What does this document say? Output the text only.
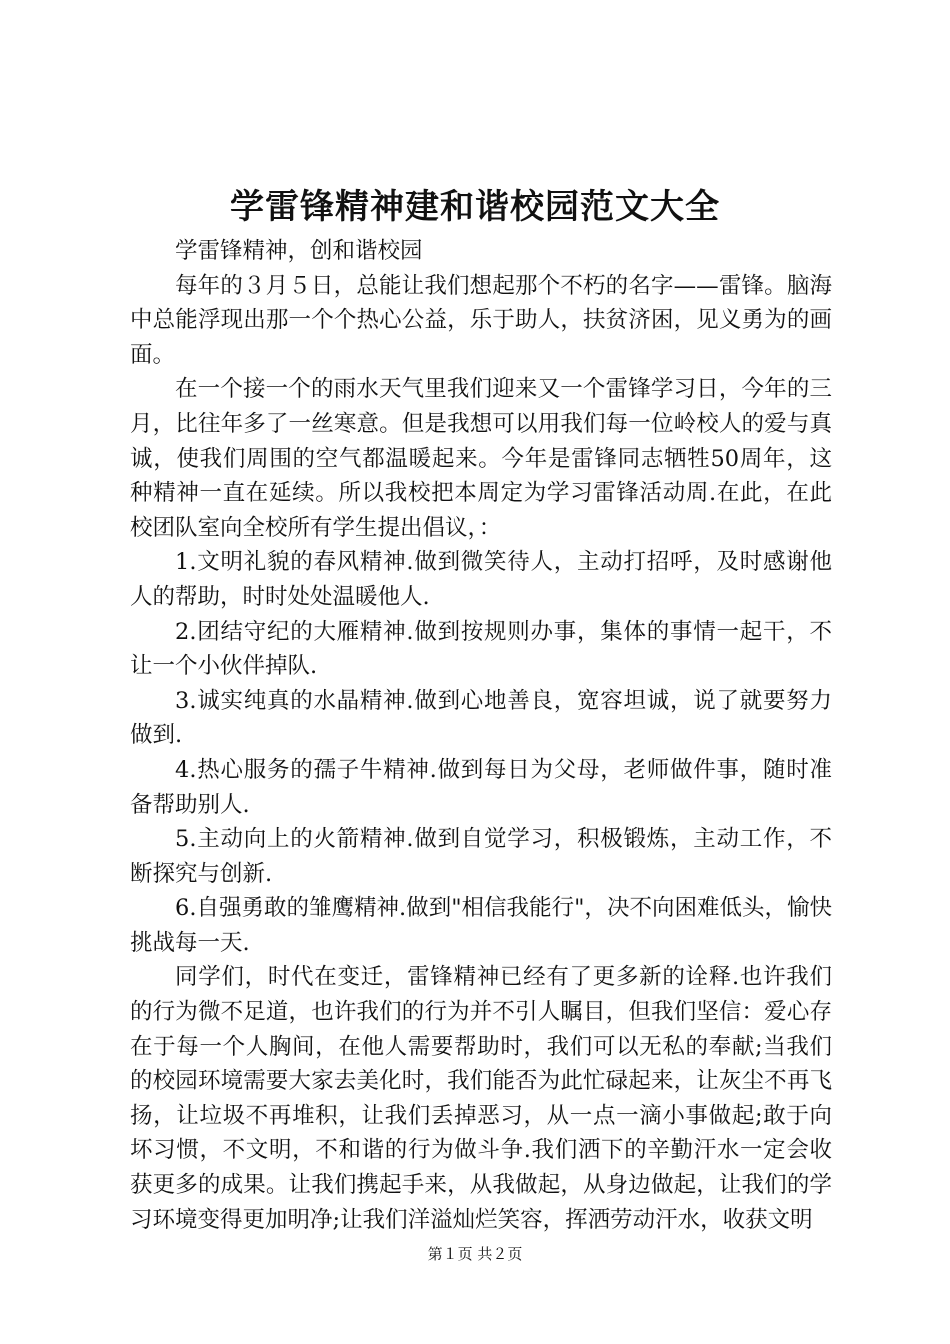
学雷锋精神建和谐校园范文大全

学雷锋精神，创和谐校园

每年的３月５日，总能让我们想起那个不朽的名字——雷锋。脑海中总能浮现出那一个个热心公益，乐于助人，扶贫济困，见义勇为的画面。

在一个接一个的雨水天气里我们迎来又一个雷锋学习日，今年的三月，比往年多了一丝寒意。但是我想可以用我们每一位岭校人的爱与真诚，使我们周围的空气都温暖起来。今年是雷锋同志牺牲50周年，这种精神一直在延续。所以我校把本周定为学习雷锋活动周.在此，在此校团队室向全校所有学生提出倡议，：

1.文明礼貌的春风精神.做到微笑待人，主动打招呼，及时感谢他人的帮助，时时处处温暖他人.

2.团结守纪的大雁精神.做到按规则办事，集体的事情一起干，不让一个小伙伴掉队.

3.诚实纯真的水晶精神.做到心地善良，宽容坦诚，说了就要努力做到.

4.热心服务的孺子牛精神.做到每日为父母，老师做件事，随时准备帮助别人.

5.主动向上的火箭精神.做到自觉学习，积极锻炼，主动工作，不断探究与创新.

6.自强勇敢的雏鹰精神.做到"相信我能行"，决不向困难低头，愉快挑战每一天.

同学们，时代在变迁，雷锋精神已经有了更多新的诠释.也许我们的行为微不足道，也许我们的行为并不引人瞩目，但我们坚信：爱心存在于每一个人胸间，在他人需要帮助时，我们可以无私的奉献;当我们的校园环境需要大家去美化时，我们能否为此忙碌起来，让灰尘不再飞扬，让垃圾不再堆积，让我们丢掉恶习，从一点一滴小事做起;敢于向坏习惯，不文明，不和谐的行为做斗争.我们洒下的辛勤汗水一定会收获更多的成果。让我们携起手来，从我做起，从身边做起，让我们的学习环境变得更加明净;让我们洋溢灿烂笑容，挥洒劳动汗水，收获文明

第１页 共２页
